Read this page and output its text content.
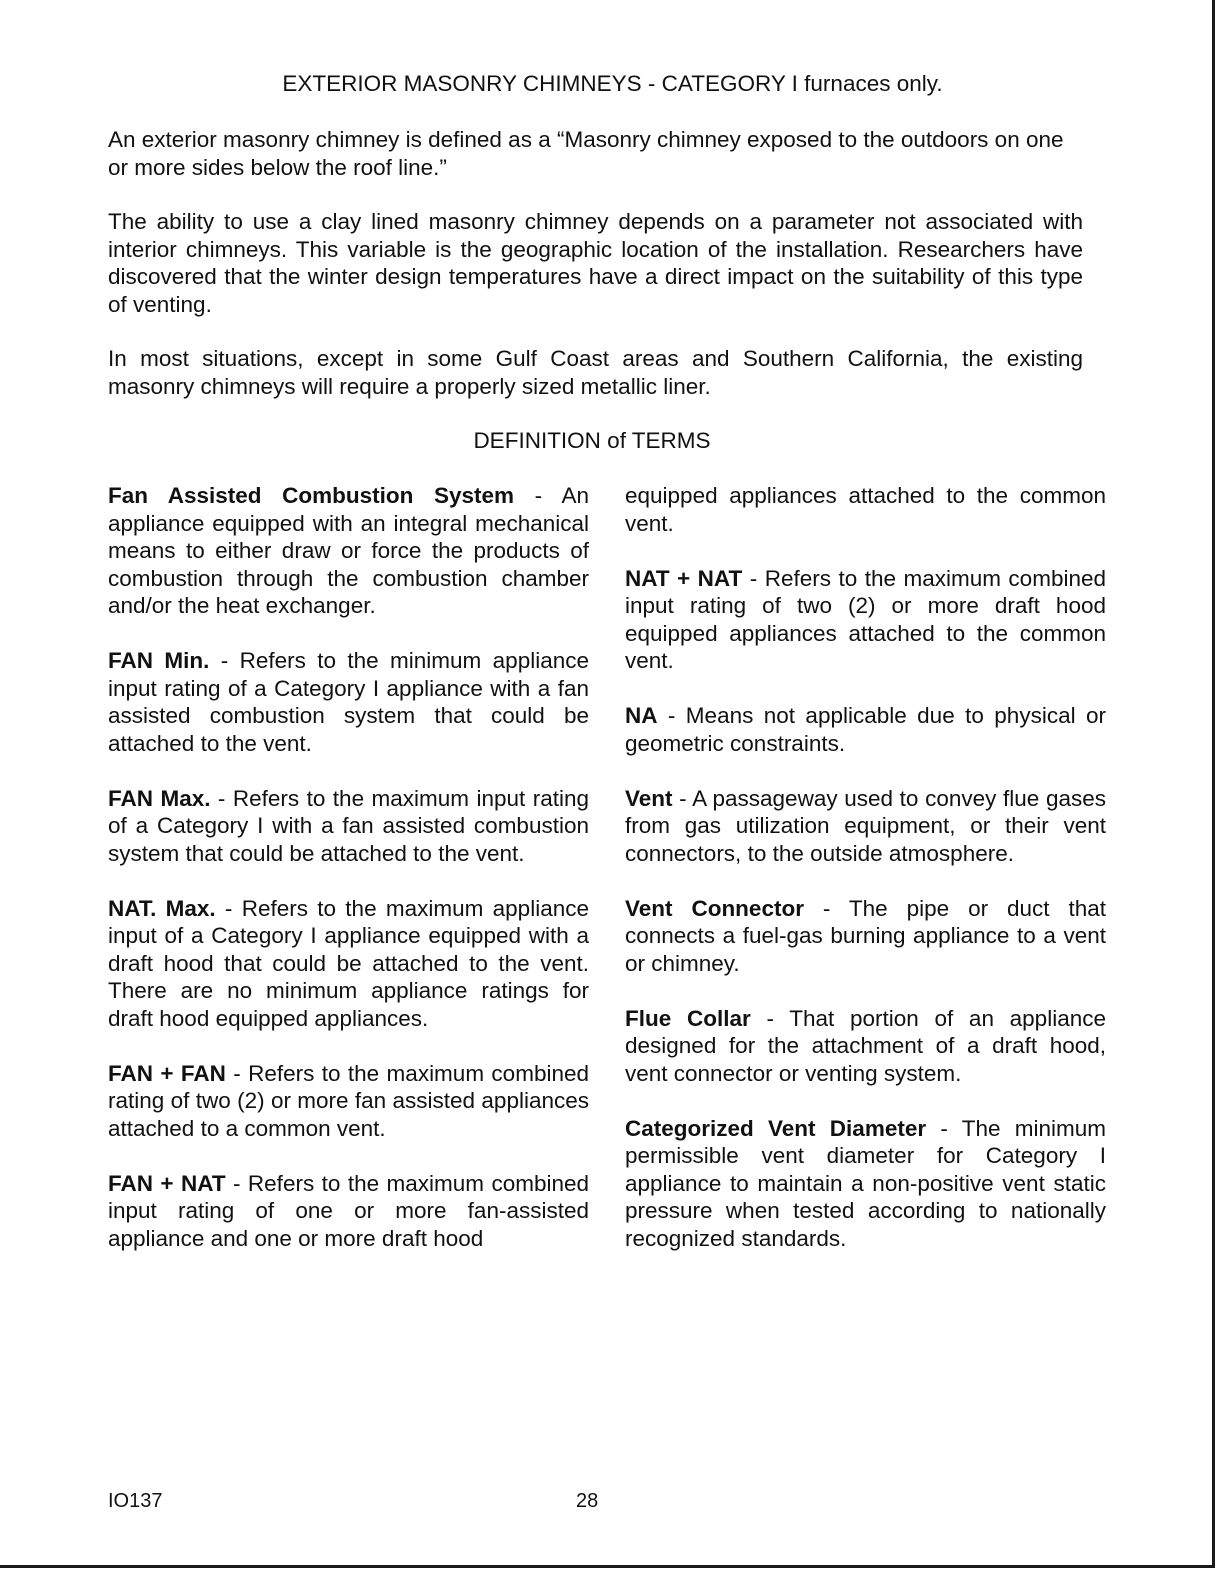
EXTERIOR MASONRY CHIMNEYS - CATEGORY I furnaces only.

An exterior masonry chimney is defined as a “Masonry chimney exposed to the outdoors on one or more sides below the roof line.”

The ability to use a clay lined masonry chimney depends on a parameter not associated with interior chimneys. This variable is the geographic location of the installation. Researchers have discovered that the winter design temperatures have a direct impact on the suitability of this type of venting.

In most situations, except in some Gulf Coast areas and Southern California, the existing masonry chimneys will require a properly sized metallic liner.

DEFINITION of TERMS

Fan Assisted Combustion System - An appliance equipped with an integral mechanical means to either draw or force the products of combustion through the combustion chamber and/or the heat exchanger.

FAN Min. - Refers to the minimum appliance input rating of a Category I appliance with a fan assisted combustion system that could be attached to the vent.

FAN Max. - Refers to the maximum input rating of a Category I with a fan assisted combustion system that could be attached to the vent.

NAT. Max. - Refers to the maximum appliance input of a Category I appliance equipped with a draft hood that could be attached to the vent. There are no minimum appliance ratings for draft hood equipped appliances.

FAN + FAN - Refers to the maximum combined rating of two (2) or more fan assisted appliances attached to a common vent.

FAN + NAT - Refers to the maximum combined input rating of one or more fan-assisted appliance and one or more draft hood

equipped appliances attached to the common vent.

NAT + NAT - Refers to the maximum combined input rating of two (2) or more draft hood equipped appliances attached to the common vent.

NA - Means not applicable due to physical or geometric constraints.

Vent - A passageway used to convey flue gases from gas utilization equipment, or their vent connectors, to the outside atmosphere.

Vent Connector - The pipe or duct that connects a fuel-gas burning appliance to a vent or chimney.

Flue Collar - That portion of an appliance designed for the attachment of a draft hood, vent connector or venting system.

Categorized Vent Diameter - The minimum permissible vent diameter for Category I appliance to maintain a non-positive vent static pressure when tested according to nationally recognized standards.

IO137	28
